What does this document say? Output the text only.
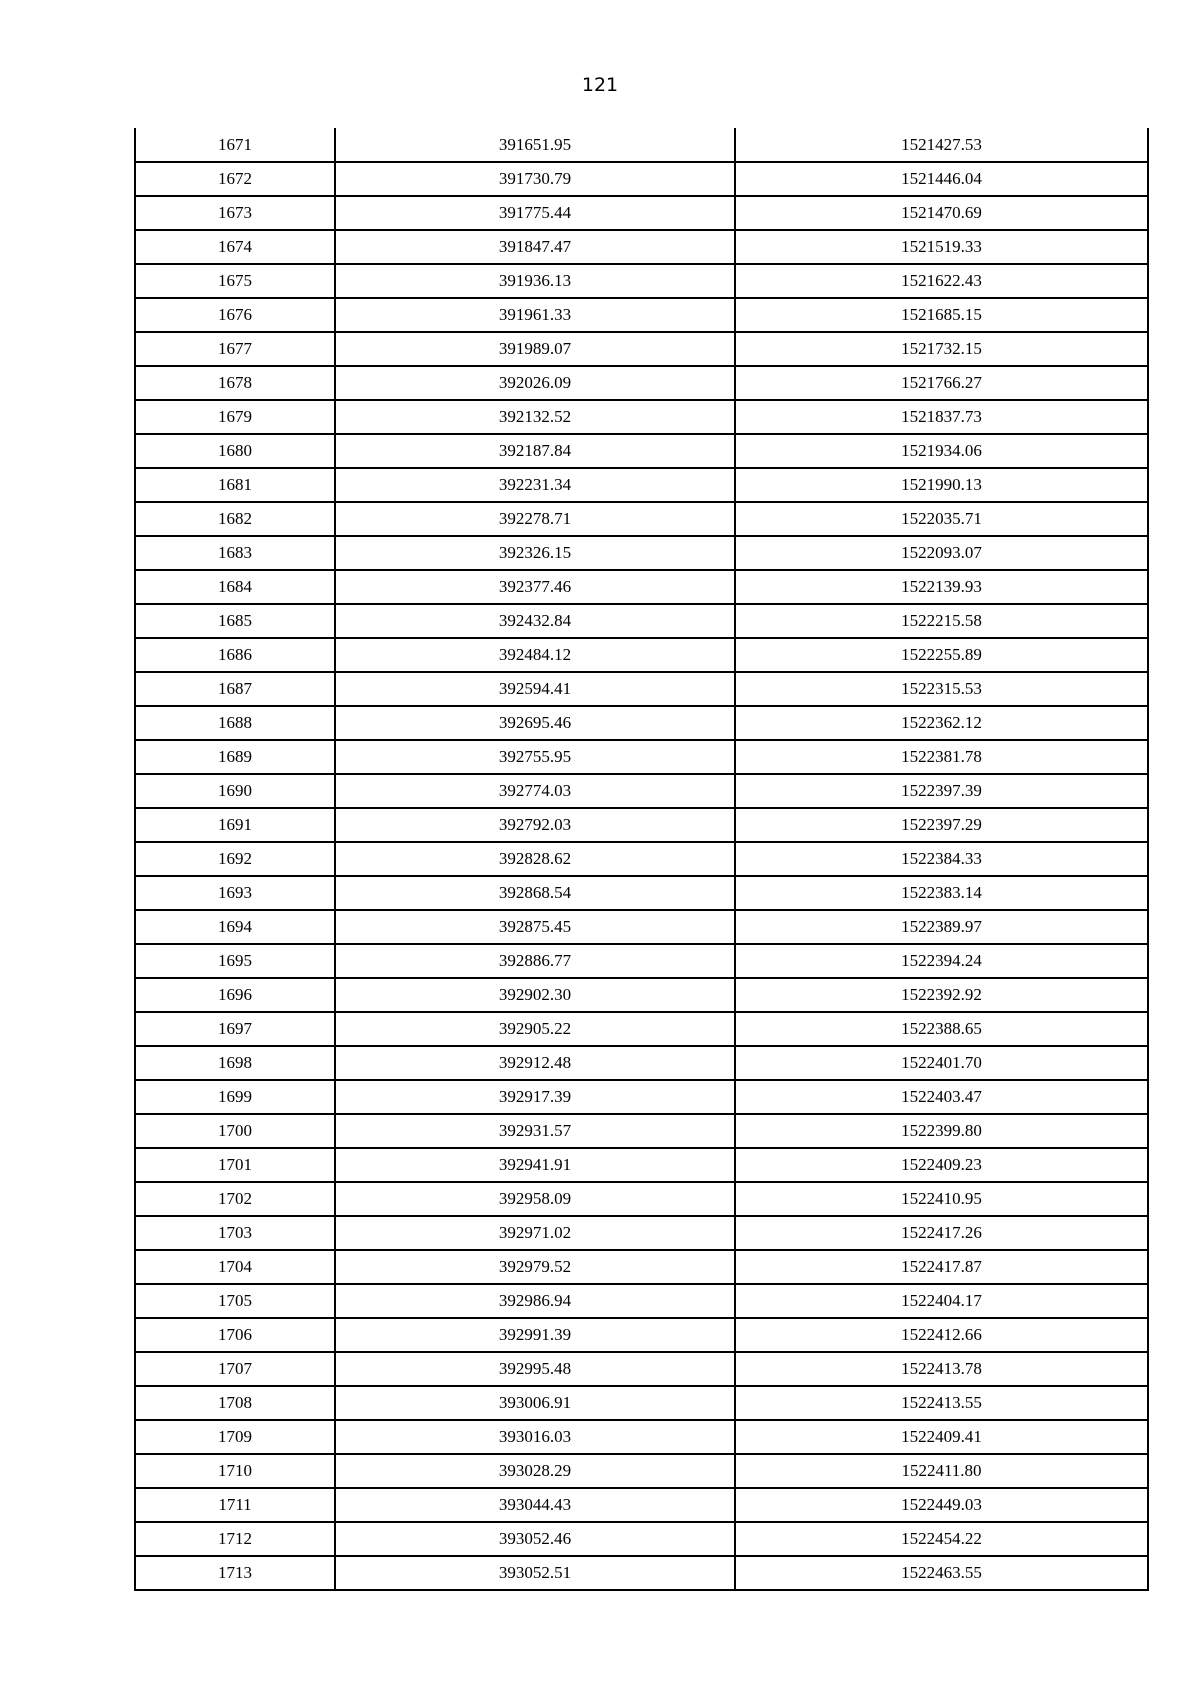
121
1671	391651.95	1521427.53
1672	391730.79	1521446.04
1673	391775.44	1521470.69
1674	391847.47	1521519.33
1675	391936.13	1521622.43
1676	391961.33	1521685.15
1677	391989.07	1521732.15
1678	392026.09	1521766.27
1679	392132.52	1521837.73
1680	392187.84	1521934.06
1681	392231.34	1521990.13
1682	392278.71	1522035.71
1683	392326.15	1522093.07
1684	392377.46	1522139.93
1685	392432.84	1522215.58
1686	392484.12	1522255.89
1687	392594.41	1522315.53
1688	392695.46	1522362.12
1689	392755.95	1522381.78
1690	392774.03	1522397.39
1691	392792.03	1522397.29
1692	392828.62	1522384.33
1693	392868.54	1522383.14
1694	392875.45	1522389.97
1695	392886.77	1522394.24
1696	392902.30	1522392.92
1697	392905.22	1522388.65
1698	392912.48	1522401.70
1699	392917.39	1522403.47
1700	392931.57	1522399.80
1701	392941.91	1522409.23
1702	392958.09	1522410.95
1703	392971.02	1522417.26
1704	392979.52	1522417.87
1705	392986.94	1522404.17
1706	392991.39	1522412.66
1707	392995.48	1522413.78
1708	393006.91	1522413.55
1709	393016.03	1522409.41
1710	393028.29	1522411.80
1711	393044.43	1522449.03
1712	393052.46	1522454.22
1713	393052.51	1522463.55
